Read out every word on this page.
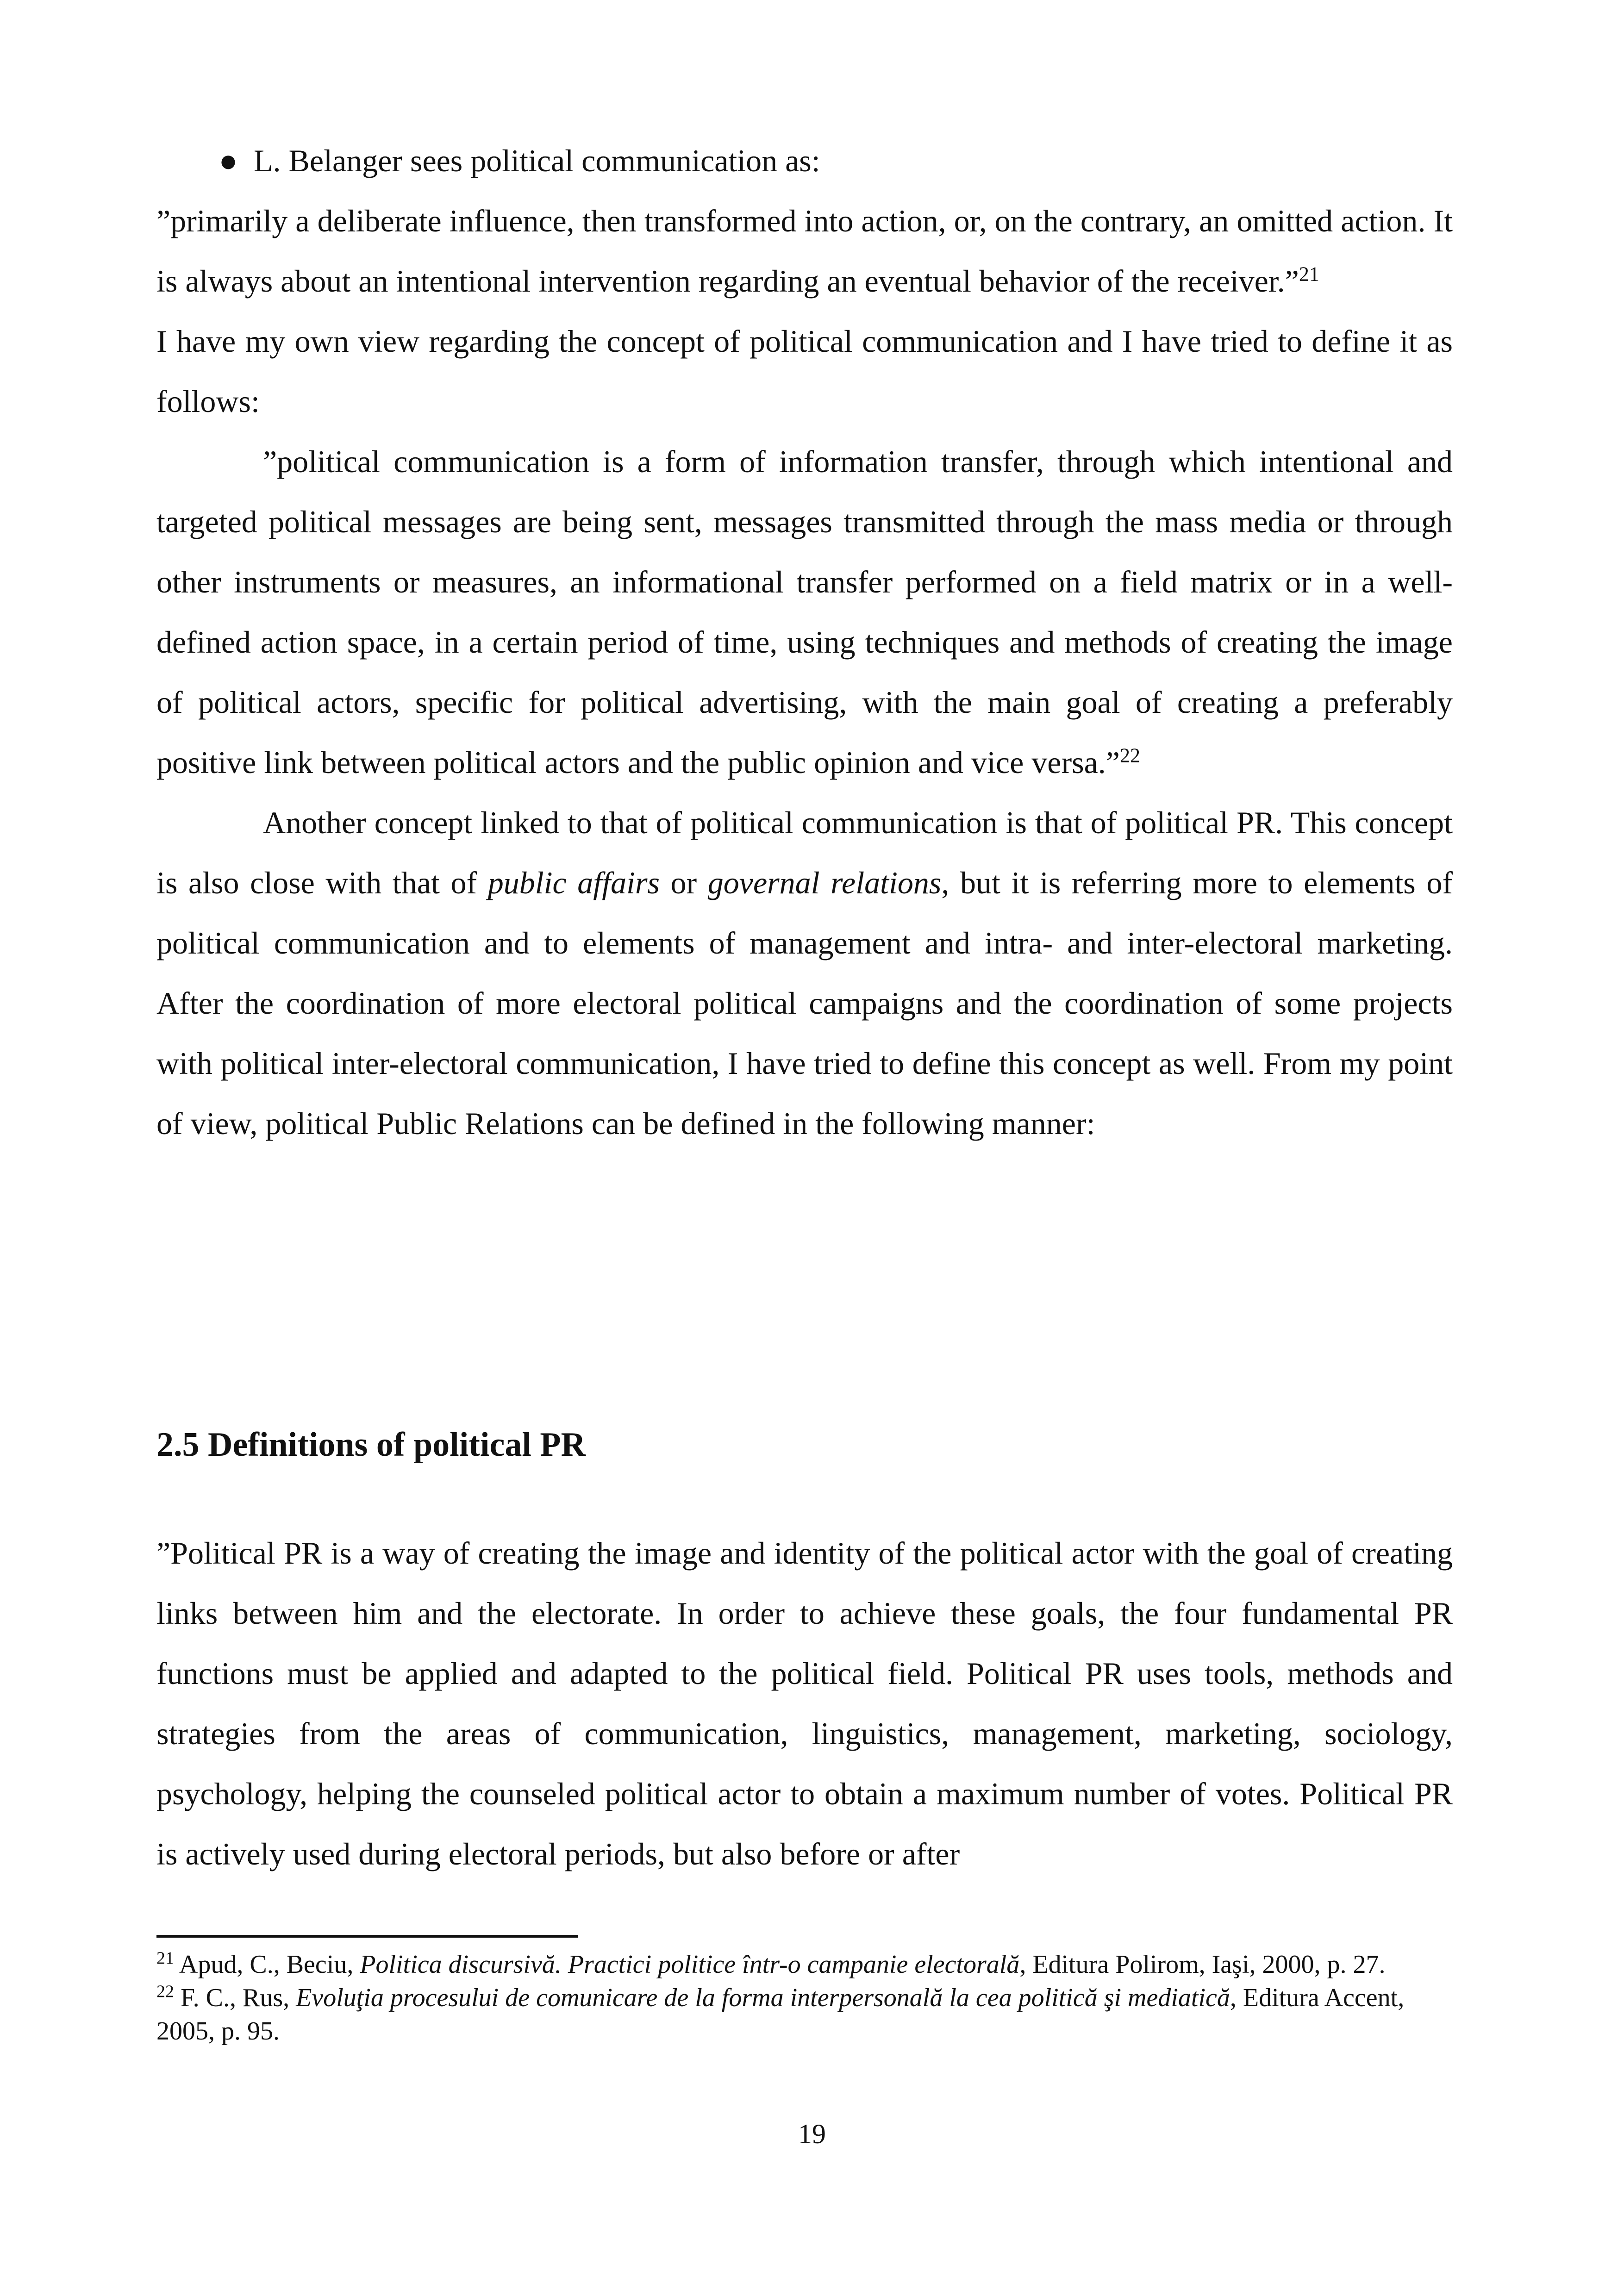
● L. Belanger sees political communication as:

”primarily a deliberate influence, then transformed into action, or, on the contrary, an omitted action. It is always about an intentional intervention regarding an eventual behavior of the receiver.”$^{21}$

I have my own view regarding the concept of political communication and I have tried to define it as follows:

”political communication is a form of information transfer, through which intentional and targeted political messages are being sent, messages transmitted through the mass media or through other instruments or measures, an informational transfer performed on a field matrix or in a well-defined action space, in a certain period of time, using techniques and methods of creating the image of political actors, specific for political advertising, with the main goal of creating a preferably positive link between political actors and the public opinion and vice versa.”$^{22}$

Another concept linked to that of political communication is that of political PR. This concept is also close with that of public affairs or governal relations, but it is referring more to elements of political communication and to elements of management and intra- and inter-electoral marketing. After the coordination of more electoral political campaigns and the coordination of some projects with political inter-electoral communication, I have tried to define this concept as well. From my point of view, political Public Relations can be defined in the following manner:

2.5 Definitions of political PR

”Political PR is a way of creating the image and identity of the political actor with the goal of creating links between him and the electorate. In order to achieve these goals, the four fundamental PR functions must be applied and adapted to the political field. Political PR uses tools, methods and strategies from the areas of communication, linguistics, management, marketing, sociology, psychology, helping the counseled political actor to obtain a maximum number of votes. Political PR is actively used during electoral periods, but also before or after

$^{21}$ Apud, C., Beciu, Politica discursivă. Practici politice într-o campanie electorală, Editura Polirom, Iaşi, 2000, p. 27.

$^{22}$ F. C., Rus, Evoluţia procesului de comunicare de la forma interpersonală la cea politică şi mediatică, Editura Accent, 2005, p. 95.

19
